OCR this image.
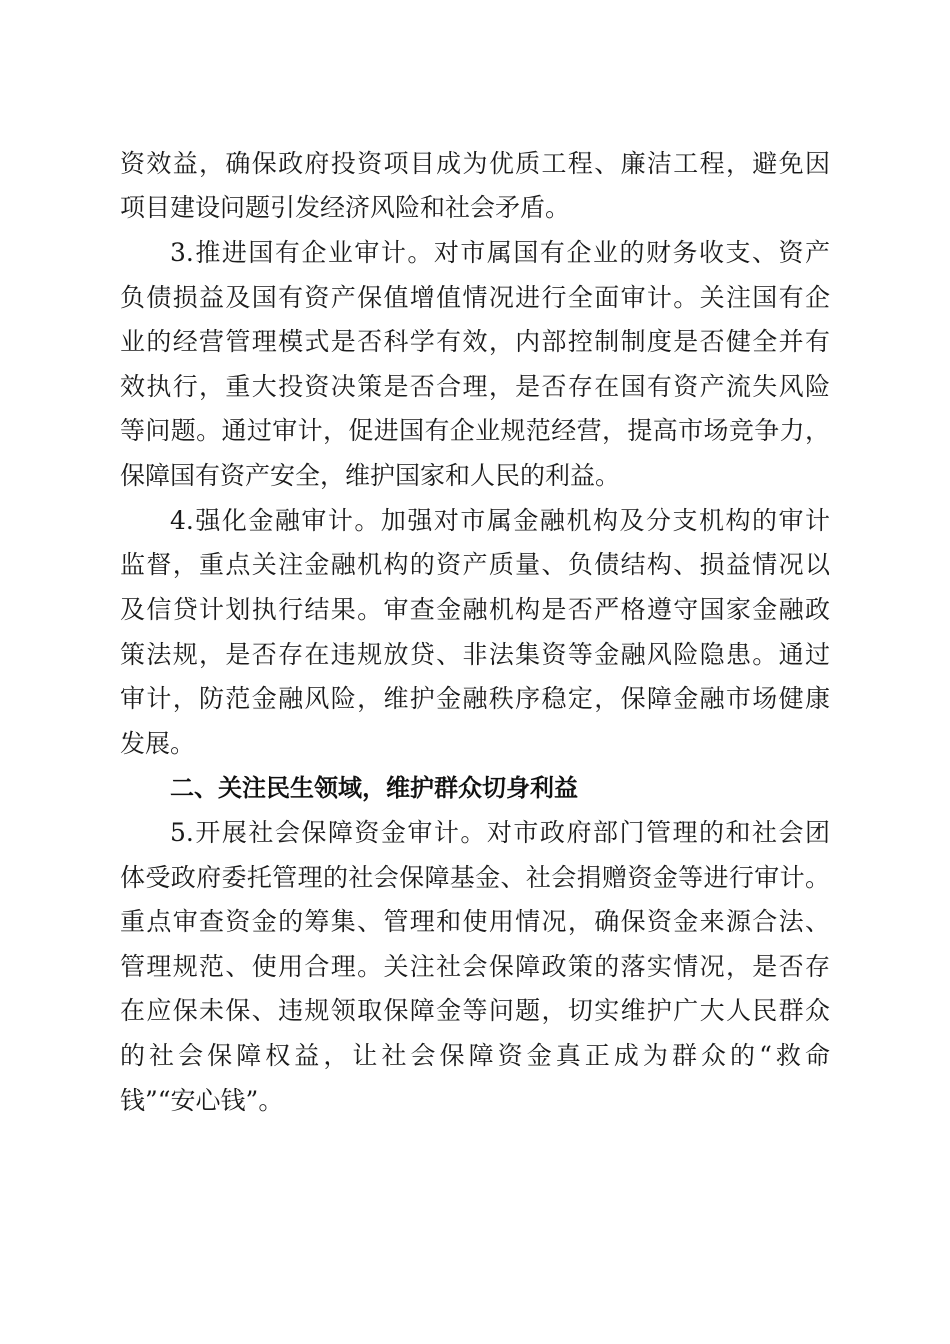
资效益，确保政府投资项目成为优质工程、廉洁工程，避免因
项目建设问题引发经济风险和社会矛盾。
3.推进国有企业审计。对市属国有企业的财务收支、资产
负债损益及国有资产保值增值情况进行全面审计。关注国有企
业的经营管理模式是否科学有效，内部控制制度是否健全并有
效执行，重大投资决策是否合理，是否存在国有资产流失风险
等问题。通过审计，促进国有企业规范经营，提高市场竞争力，
保障国有资产安全，维护国家和人民的利益。
4.强化金融审计。加强对市属金融机构及分支机构的审计
监督，重点关注金融机构的资产质量、负债结构、损益情况以
及信贷计划执行结果。审查金融机构是否严格遵守国家金融政
策法规，是否存在违规放贷、非法集资等金融风险隐患。通过
审计，防范金融风险，维护金融秩序稳定，保障金融市场健康
发展。
二、关注民生领域，维护群众切身利益
5.开展社会保障资金审计。对市政府部门管理的和社会团
体受政府委托管理的社会保障基金、社会捐赠资金等进行审计。
重点审查资金的筹集、管理和使用情况，确保资金来源合法、
管理规范、使用合理。关注社会保障政策的落实情况，是否存
在应保未保、违规领取保障金等问题，切实维护广大人民群众
的社会保障权益，让社会保障资金真正成为群众的“救命
钱”“安心钱”。
